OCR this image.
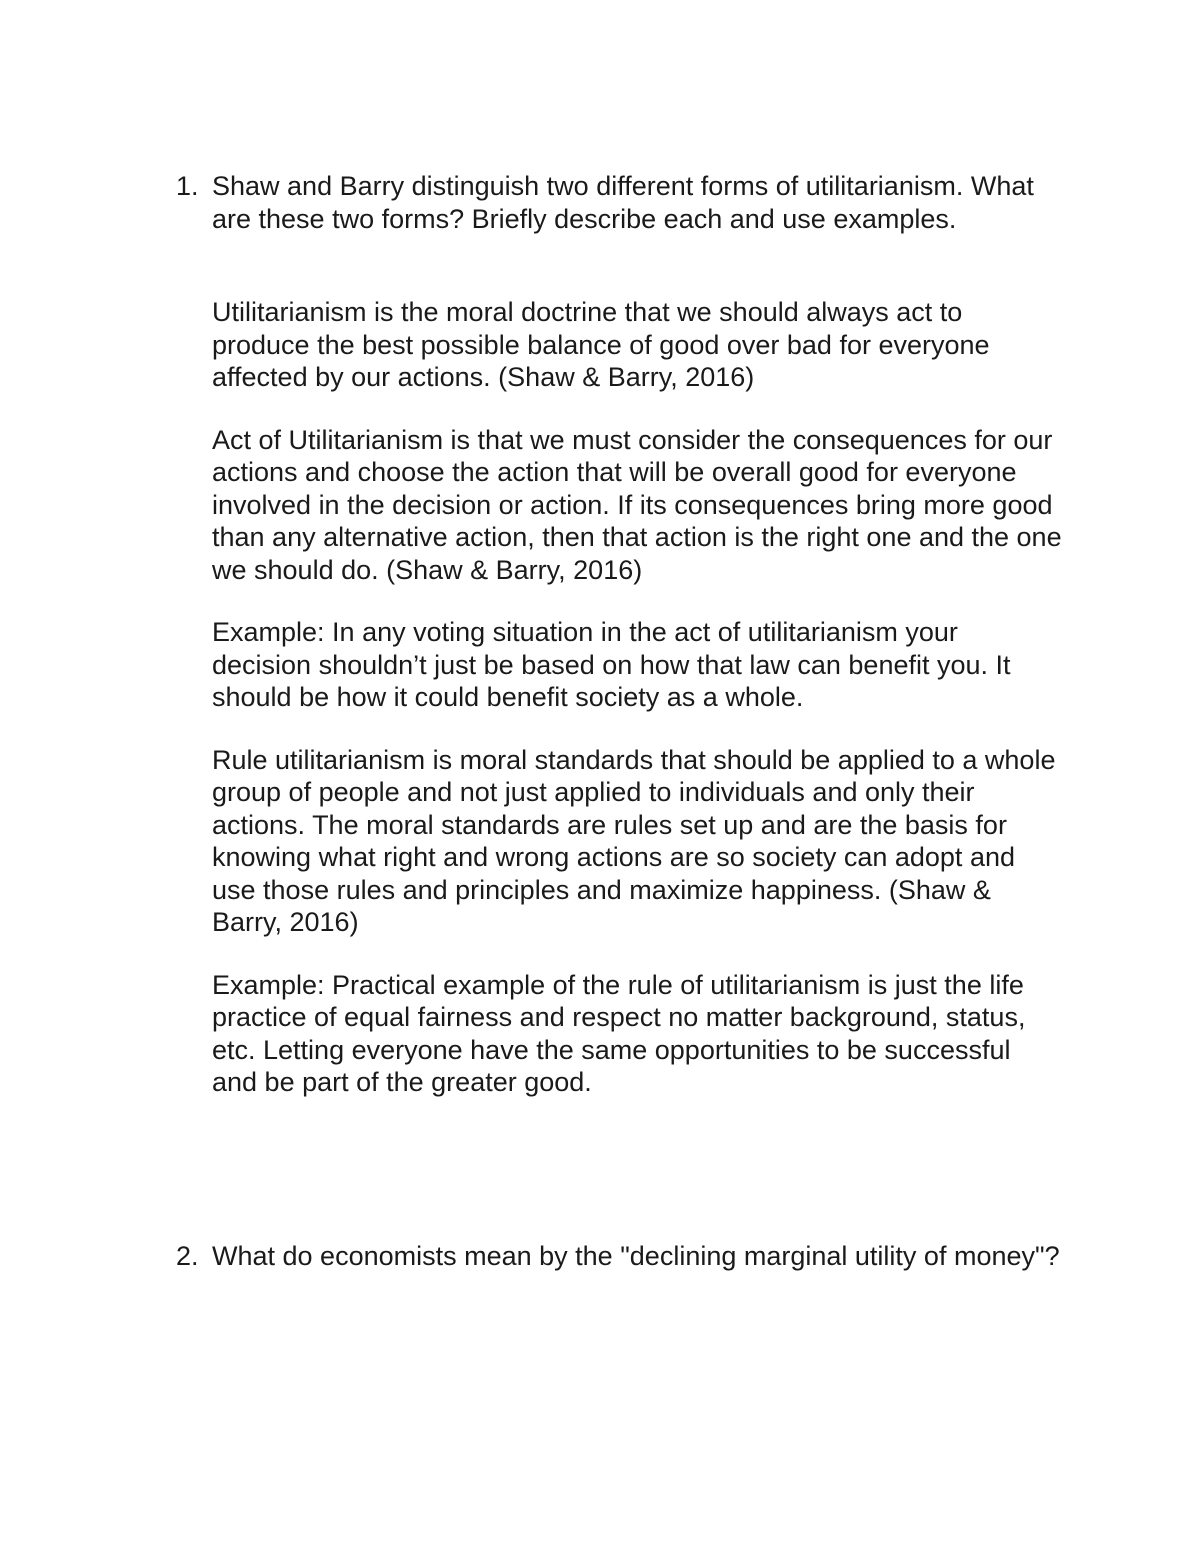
1. Shaw and Barry distinguish two different forms of utilitarianism. What are these two forms? Briefly describe each and use examples.

Utilitarianism is the moral doctrine that we should always act to produce the best possible balance of good over bad for everyone affected by our actions. (Shaw & Barry, 2016)

Act of Utilitarianism is that we must consider the consequences for our actions and choose the action that will be overall good for everyone involved in the decision or action. If its consequences bring more good than any alternative action, then that action is the right one and the one we should do. (Shaw & Barry, 2016)

Example: In any voting situation in the act of utilitarianism your decision shouldn’t just be based on how that law can benefit you. It should be how it could benefit society as a whole.

Rule utilitarianism is moral standards that should be applied to a whole group of people and not just applied to individuals and only their actions. The moral standards are rules set up and are the basis for knowing what right and wrong actions are so society can adopt and use those rules and principles and maximize happiness. (Shaw & Barry, 2016)

Example: Practical example of the rule of utilitarianism is just the life practice of equal fairness and respect no matter background, status, etc. Letting everyone have the same opportunities to be successful and be part of the greater good.

2. What do economists mean by the "declining marginal utility of money"?
